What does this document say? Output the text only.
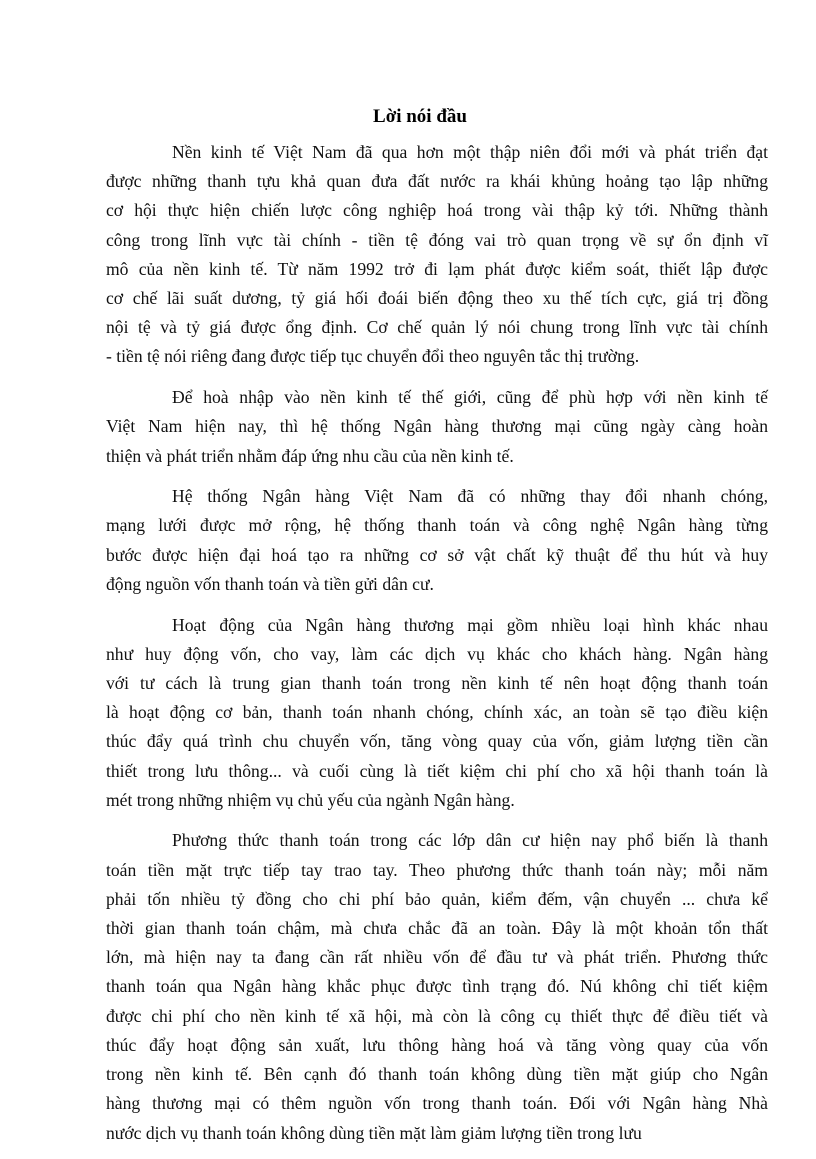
Lời nói đầu

Nền kinh tế Việt Nam đã qua hơn một thập niên đổi mới và phát triển đạt
được những thanh tựu khả quan đưa đất nước ra khái khủng hoảng tạo lập những
cơ hội thực hiện chiến lược công nghiệp hoá trong vài thập kỷ tới. Những thành
công trong lĩnh vực tài chính - tiền tệ đóng vai trò quan trọng về sự ổn định vĩ
mô của nền kinh tế. Từ năm 1992 trở đi lạm phát được kiểm soát, thiết lập được
cơ chế lãi suất dương, tỷ giá hối đoái biến động theo xu thế tích cực, giá trị đồng
nội tệ và tỷ giá được ổng định. Cơ chế quản lý nói chung trong lĩnh vực tài chính
- tiền tệ nói riêng đang được tiếp tục chuyển đổi theo nguyên tắc thị trường.

Để hoà nhập vào nền kinh tế thế giới, cũng để phù hợp với nền kinh tế
Việt Nam hiện nay, thì hệ thống Ngân hàng thương mại cũng ngày càng hoàn
thiện và phát triển nhằm đáp ứng nhu cầu của nền kinh tế.

Hệ thống Ngân hàng Việt Nam đã có những thay đổi nhanh chóng,
mạng lưới được mở rộng, hệ thống thanh toán và công nghệ Ngân hàng từng
bước được hiện đại hoá tạo ra những cơ sở vật chất kỹ thuật để thu hút và huy
động nguồn vốn thanh toán và tiền gửi dân cư.

Hoạt động của Ngân hàng thương mại gồm nhiều loại hình khác nhau
như huy động vốn, cho vay, làm các dịch vụ khác cho khách hàng. Ngân hàng
với tư cách là trung gian thanh toán trong nền kinh tế nên hoạt động thanh toán
là hoạt động cơ bản, thanh toán nhanh chóng, chính xác, an toàn sẽ tạo điều kiện
thúc đẩy quá trình chu chuyển vốn, tăng vòng quay của vốn, giảm lượng tiền cần
thiết trong lưu thông... và cuối cùng là tiết kiệm chi phí cho xã hội thanh toán là
mét trong những nhiệm vụ chủ yếu của ngành Ngân hàng.

Phương thức thanh toán trong các lớp dân cư hiện nay phổ biến là thanh
toán tiền mặt trực tiếp tay trao tay. Theo phương thức thanh toán này; mỗi năm
phải tốn nhiều tỷ đồng cho chi phí bảo quản, kiểm đếm, vận chuyển ... chưa kể
thời gian thanh toán chậm, mà chưa chắc đã an toàn. Đây là một khoản tổn thất
lớn, mà hiện nay ta đang cần rất nhiều vốn để đầu tư và phát triển. Phương thức
thanh toán qua Ngân hàng khắc phục được tình trạng đó. Nú không chỉ tiết kiệm
được chi phí cho nền kinh tế xã hội, mà còn là công cụ thiết thực để điều tiết và
thúc đẩy hoạt động sản xuất, lưu thông hàng hoá và tăng vòng quay của vốn
trong nền kinh tế. Bên cạnh đó thanh toán không dùng tiền mặt giúp cho Ngân
hàng thương mại có thêm nguồn vốn trong thanh toán. Đối với Ngân hàng Nhà
nước dịch vụ thanh toán không dùng tiền mặt làm giảm lượng tiền trong lưu
